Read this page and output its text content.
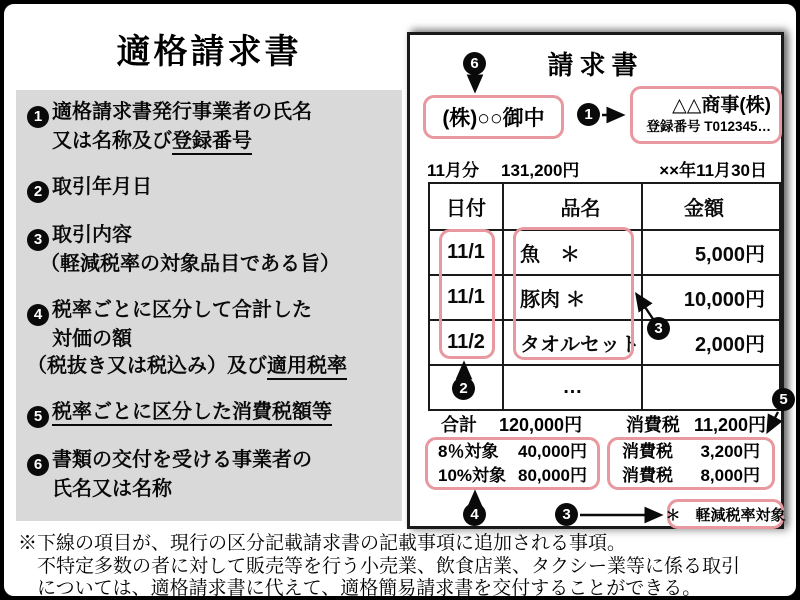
適格請求書
1 適格請求書発行事業者の氏名
又は名称及び登録番号
2 取引年月日
3 取引内容
（軽減税率の対象品目である旨）
4 税率ごとに区分して合計した
対価の額
（税抜き又は税込み）及び適用税率
5 税率ごとに区分した消費税額等
6 書類の交付を受ける事業者の
氏名又は名称
請求書
(株)○○御中
△△商事(株)
登録番号 T012345…
11月分 131,200円	××年11月30日
日付	品名	金額
11/1	魚　＊	5,000円
11/1	豚肉 ＊	10,000円
11/2	タオルセット	2,000円
	…	
合計 120,000円 消費税 11,200円
8％対象 40,000円
10%対象 80,000円
消費税 3,200円
消費税 8,000円
＊　軽減税率対象
6
1
3
2
5
4	3
※下線の項目が、現行の区分記載請求書の記載事項に追加される事項。
不特定多数の者に対して販売等を行う小売業、飲食店業、タクシー業等に係る取引
については、適格請求書に代えて、適格簡易請求書を交付することができる。
